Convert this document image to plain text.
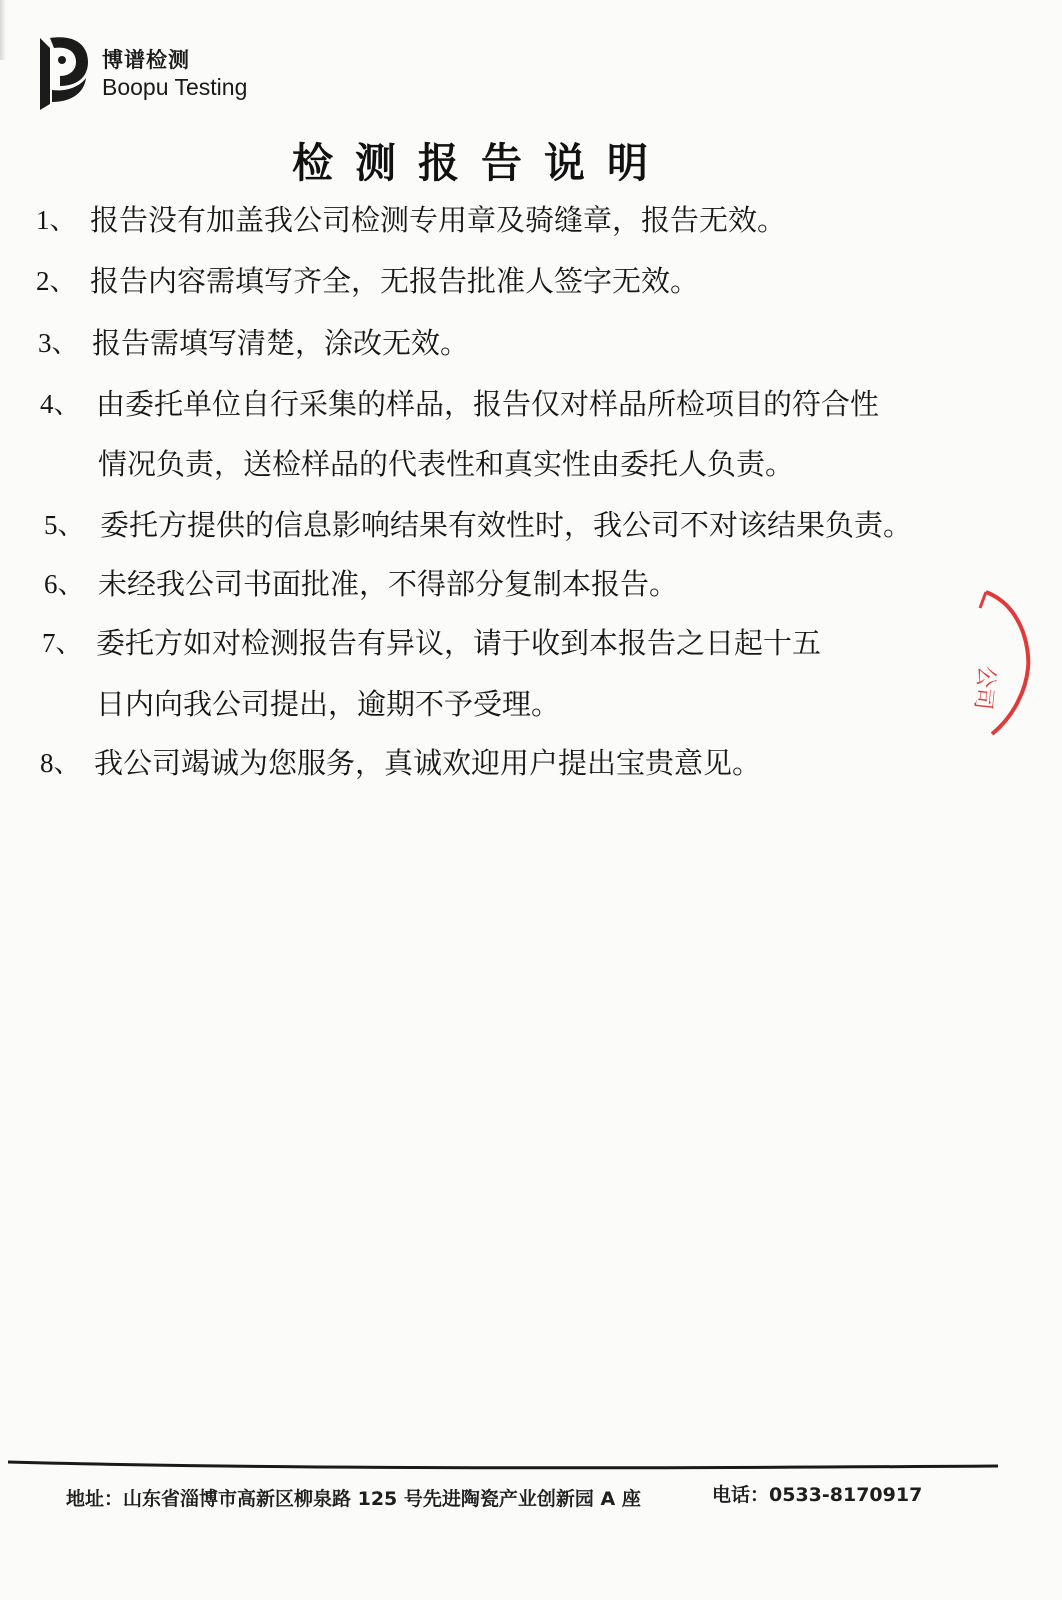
博谱检测
Boopu Testing
检测报告说明
1、 报告没有加盖我公司检测专用章及骑缝章，报告无效。
2、 报告内容需填写齐全，无报告批准人签字无效。
3、 报告需填写清楚，涂改无效。
4、 由委托单位自行采集的样品，报告仅对样品所检项目的符合性
情况负责，送检样品的代表性和真实性由委托人负责。
5、 委托方提供的信息影响结果有效性时，我公司不对该结果负责。
6、 未经我公司书面批准，不得部分复制本报告。
7、 委托方如对检测报告有异议，请于收到本报告之日起十五
日内向我公司提出，逾期不予受理。
8、 我公司竭诚为您服务，真诚欢迎用户提出宝贵意见。
公司
地址：山东省淄博市高新区柳泉路 125 号先进陶瓷产业创新园 A 座	电话：0533-8170917
